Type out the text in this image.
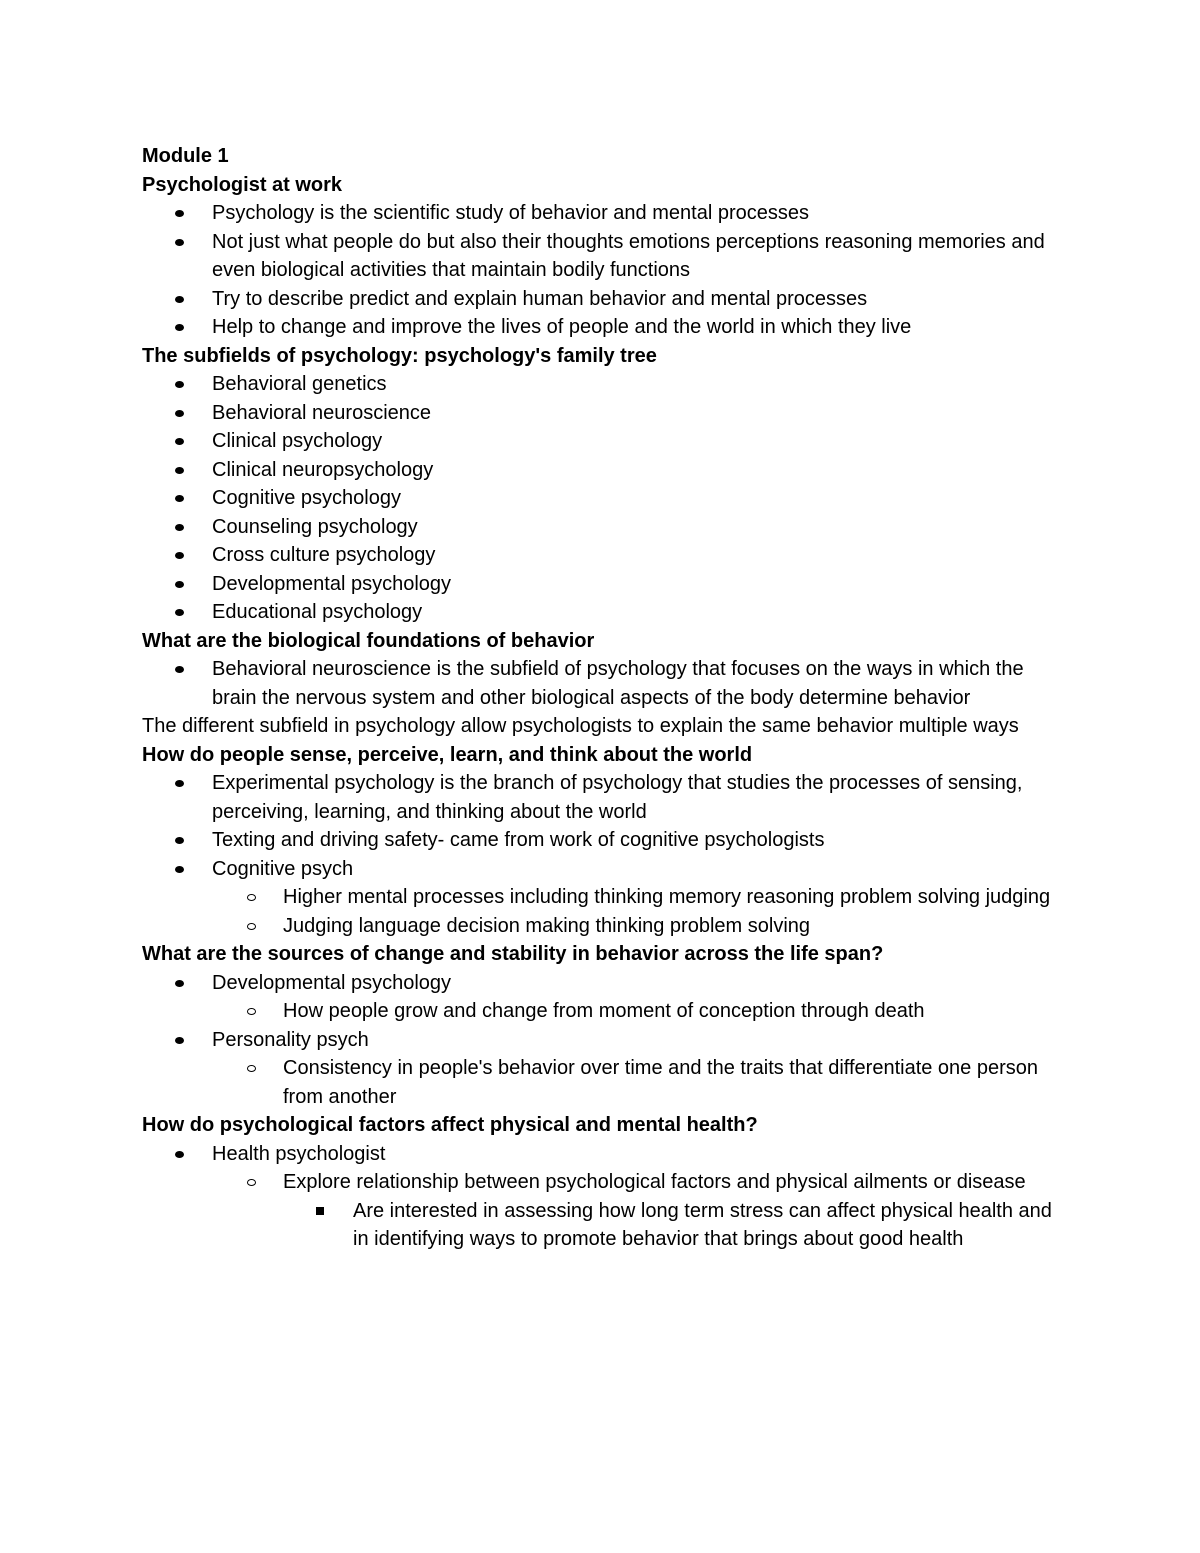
Module 1
Psychologist at work
Psychology is the scientific study of behavior and mental processes
Not just what people do but also their thoughts emotions perceptions reasoning memories and even biological activities that maintain bodily functions
Try to describe predict and explain human behavior and mental processes
Help to change and improve the lives of people and the world in which they live
The subfields of psychology: psychology's family tree
Behavioral genetics
Behavioral neuroscience
Clinical psychology
Clinical neuropsychology
Cognitive psychology
Counseling psychology
Cross culture psychology
Developmental psychology
Educational psychology
What are the biological foundations of behavior
Behavioral neuroscience is the subfield of psychology that focuses on the ways in which the brain the nervous system and other biological aspects of the body determine behavior
The different subfield in psychology allow psychologists to explain the same behavior multiple ways
How do people sense, perceive, learn, and think about the world
Experimental psychology is the branch of psychology that studies the processes of sensing, perceiving, learning, and thinking about the world
Texting and driving safety- came from work of cognitive psychologists
Cognitive psych
Higher mental processes including thinking memory reasoning problem solving judging
Judging language decision making thinking problem solving
What are the sources of change and stability in behavior across the life span?
Developmental psychology
How people grow and change from moment of conception through death
Personality psych
Consistency in people's behavior over time and the traits that differentiate one person from another
How do psychological factors affect physical and mental health?
Health psychologist
Explore relationship between psychological factors and physical ailments or disease
Are interested in assessing how long term stress can affect physical health and in identifying ways to promote behavior that brings about good health
